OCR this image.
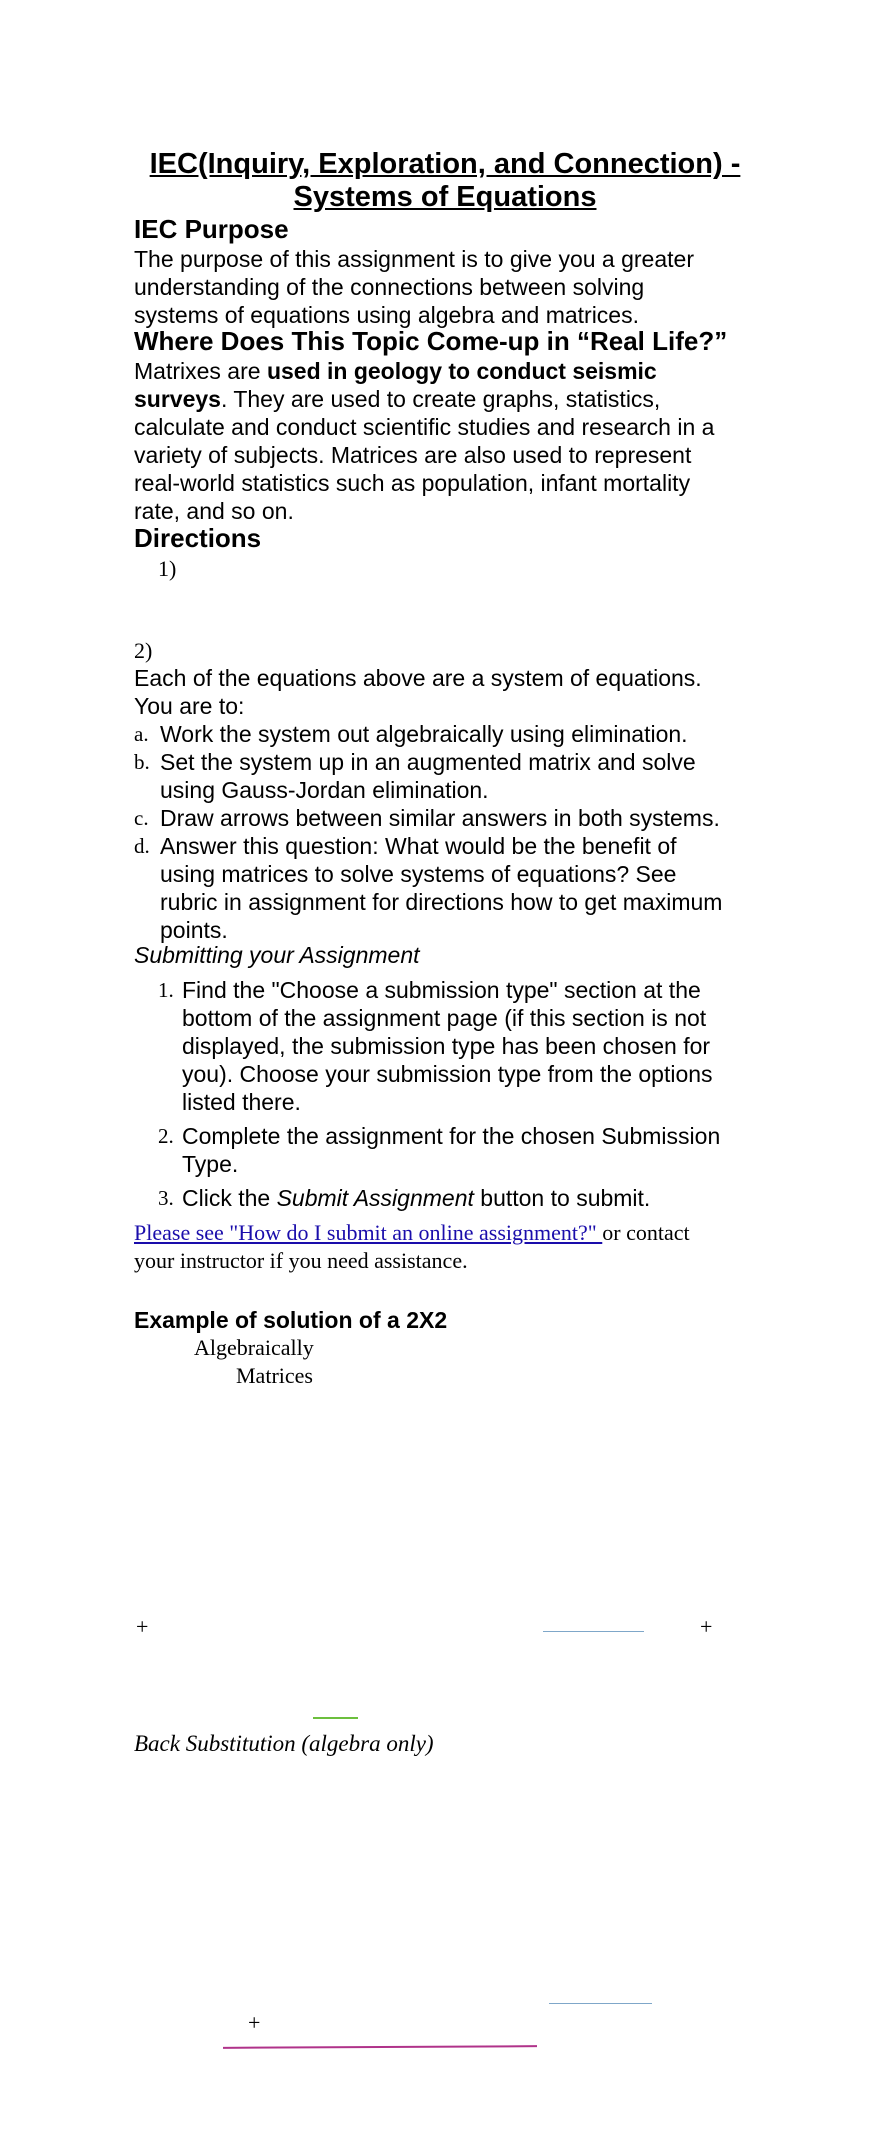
IEC(Inquiry, Exploration, and Connection) -
Systems of Equations
IEC Purpose
The purpose of this assignment is to give you a greater
understanding of the connections between solving
systems of equations using algebra and matrices.
Where Does This Topic Come-up in “Real Life?”
Matrixes are used in geology to conduct seismic
surveys. They are used to create graphs, statistics,
calculate and conduct scientific studies and research in a
variety of subjects. Matrices are also used to represent
real-world statistics such as population, infant mortality
rate, and so on.
Directions
1)
2)
Each of the equations above are a system of equations.
You are to:
a. Work the system out algebraically using elimination.
b. Set the system up in an augmented matrix and solve
using Gauss-Jordan elimination.
c. Draw arrows between similar answers in both systems.
d. Answer this question: What would be the benefit of
using matrices to solve systems of equations? See
rubric in assignment for directions how to get maximum
points.
Submitting your Assignment
1. Find the "Choose a submission type" section at the
bottom of the assignment page (if this section is not
displayed, the submission type has been chosen for
you). Choose your submission type from the options
listed there.
2. Complete the assignment for the chosen Submission
Type.
3. Click the Submit Assignment button to submit.
Please see "How do I submit an online assignment?" or contact
your instructor if you need assistance.
Example of solution of a 2X2
Algebraically
Matrices
+	+
Back Substitution (algebra only)
+
